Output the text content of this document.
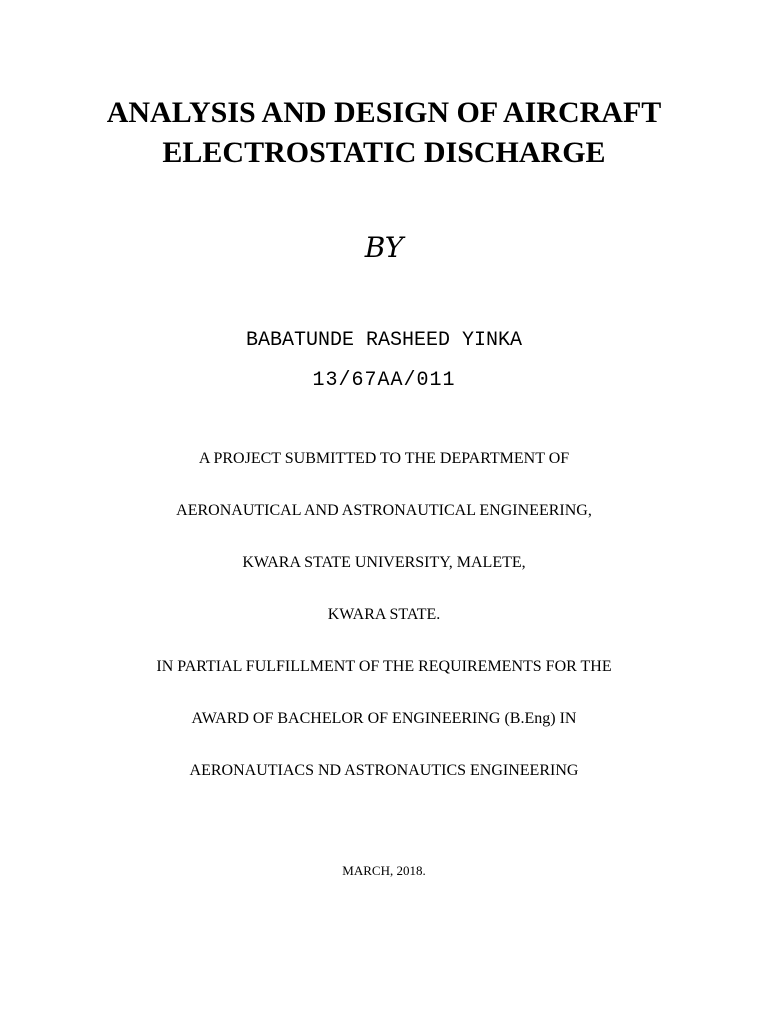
ANALYSIS AND DESIGN OF AIRCRAFT
ELECTROSTATIC DISCHARGE
BY
BABATUNDE RASHEED YINKA
13/67AA/011
A PROJECT SUBMITTED TO THE DEPARTMENT OF
AERONAUTICAL AND ASTRONAUTICAL ENGINEERING,
KWARA STATE UNIVERSITY, MALETE,
KWARA STATE.
IN PARTIAL FULFILLMENT OF THE REQUIREMENTS FOR THE
AWARD OF BACHELOR OF ENGINEERING (B.Eng) IN
AERONAUTIACS ND ASTRONAUTICS ENGINEERING
MARCH, 2018.
